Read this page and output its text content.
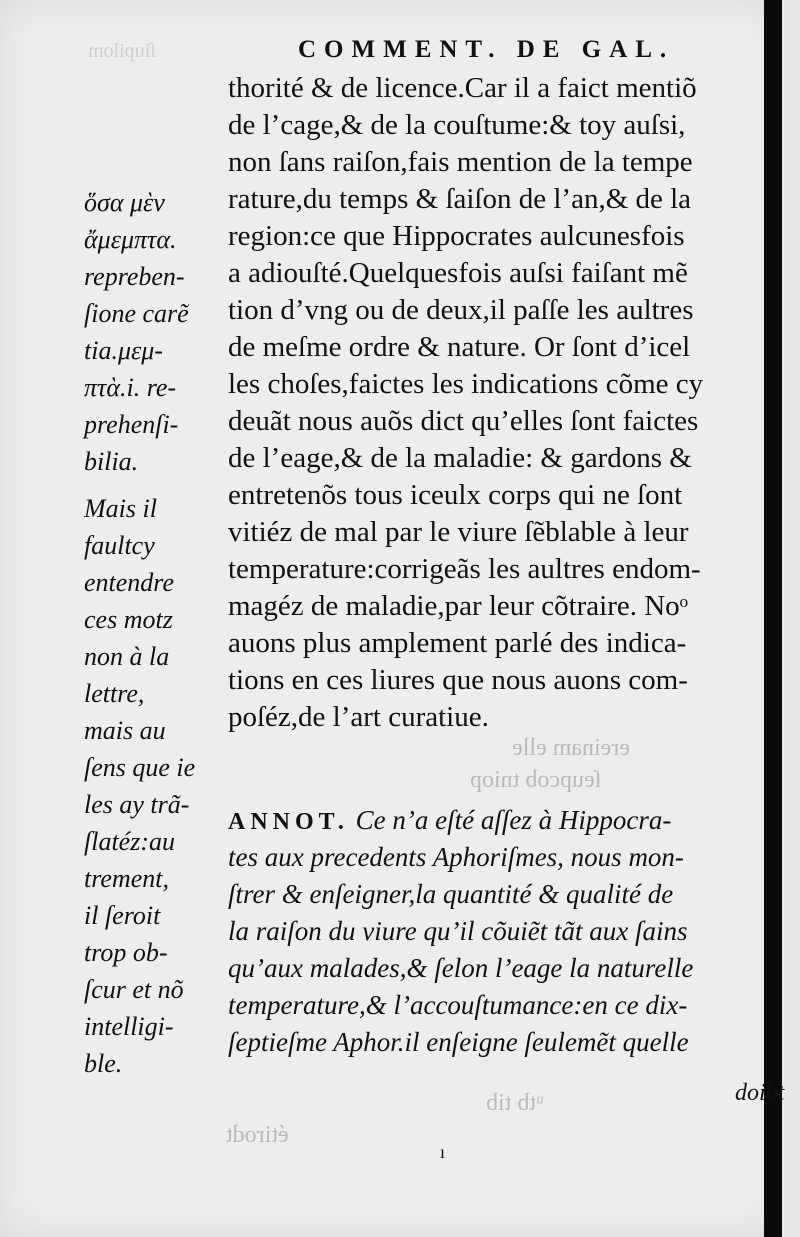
ſiupilom
ereinam elle
ſeupcob tniop
ᵘtb tib
étirodt
COMMENT. DE GAL.
ὅσα μὲν
ἄμεμπτα.
repreben-
ſione carẽ
tia.μεμ-
πτὰ.i. re-
prehenſi-
bilia.
Mais il
faultcy
entendre
ces motz
non à la
lettre,
mais au
ſens que ie
les ay trã-
ſlatéz:au
trement,
il ſeroit
trop ob-
ſcur et nõ
intelligi-
ble.
thorité & de licence.Car il a faict mentiõ
de l’cage,& de la couſtume:& toy auſsi,
non ſans raiſon,fais mention de la tempe
rature,du temps & ſaiſon de l’an,& de la
region:ce que Hippocrates aulcunesfois
a adiouſté.Quelquesfois auſsi faiſant mẽ
tion d’vng ou de deux,il paſſe les aultres
de meſme ordre & nature. Or ſont d’icel
les choſes,faictes les indications cõme cy
deuãt nous auõs dict qu’elles ſont faictes
de l’eage,& de la maladie: & gardons &
entretenõs tous iceulx corps qui ne ſont
vitiéz de mal par le viure ſẽblable à leur
temperature:corrigeãs les aultres endom-
magéz de maladie,par leur cõtraire. Noᵒ
auons plus amplement parlé des indica-
tions en ces liures que nous auons com-
poſéz,de l’art curatiue.
ANNOT. Ce n’a eſté aſſez à Hippocra-
tes aux precedents Aphoriſmes, nous mon-
ſtrer & enſeigner,la quantité & qualité de
la raiſon du viure qu’il cõuiẽt tãt aux ſains
qu’aux malades,& ſelon l’eage la naturelle
temperature,& l’accouſtumance:en ce dix-
ſeptieſme Aphor.il enſeigne ſeulemẽt quelle
doibt
ı
